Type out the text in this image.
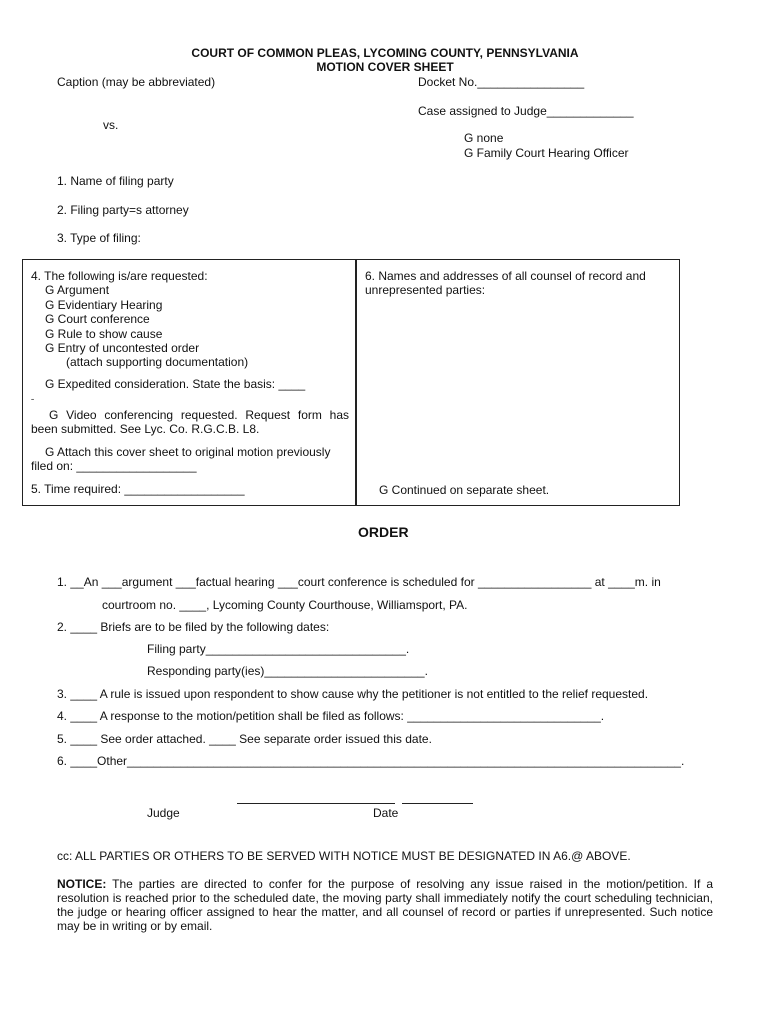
COURT OF COMMON PLEAS, LYCOMING COUNTY, PENNSYLVANIA
MOTION COVER SHEET
Caption (may be abbreviated)	Docket No.________________
Case assigned to Judge_____________
vs.
G none
G Family Court Hearing Officer
1. Name of filing party
2. Filing party=s attorney
3. Type of filing:
4. The following is/are requested:
G Argument
G Evidentiary Hearing
G Court conference
G Rule to show cause
G Entry of uncontested order
(attach supporting documentation)
G Expedited consideration. State the basis: ____
ˉ
G Video conferencing requested. Request form has been submitted. See Lyc. Co. R.G.C.B. L8.
G Attach this cover sheet to original motion previously filed on: __________________
5. Time required: __________________
6. Names and addresses of all counsel of record and unrepresented parties:
G Continued on separate sheet.
ORDER
1. __An ___argument ___factual hearing ___court conference is scheduled for _________________ at ____m. in
courtroom no. ____, Lycoming County Courthouse, Williamsport, PA.
2. ____ Briefs are to be filed by the following dates:
Filing party______________________________.
Responding party(ies)________________________.
3. ____ A rule is issued upon respondent to show cause why the petitioner is not entitled to the relief requested.
4. ____ A response to the motion/petition shall be filed as follows: _____________________________.
5. ____ See order attached. ____ See separate order issued this date.
6. ____Other___________________________________________________________________________________.
Judge	Date
cc: ALL PARTIES OR OTHERS TO BE SERVED WITH NOTICE MUST BE DESIGNATED IN A6.@ ABOVE.
NOTICE: The parties are directed to confer for the purpose of resolving any issue raised in the motion/petition. If a resolution is reached prior to the scheduled date, the moving party shall immediately notify the court scheduling technician, the judge or hearing officer assigned to hear the matter, and all counsel of record or parties if unrepresented. Such notice may be in writing or by email.
